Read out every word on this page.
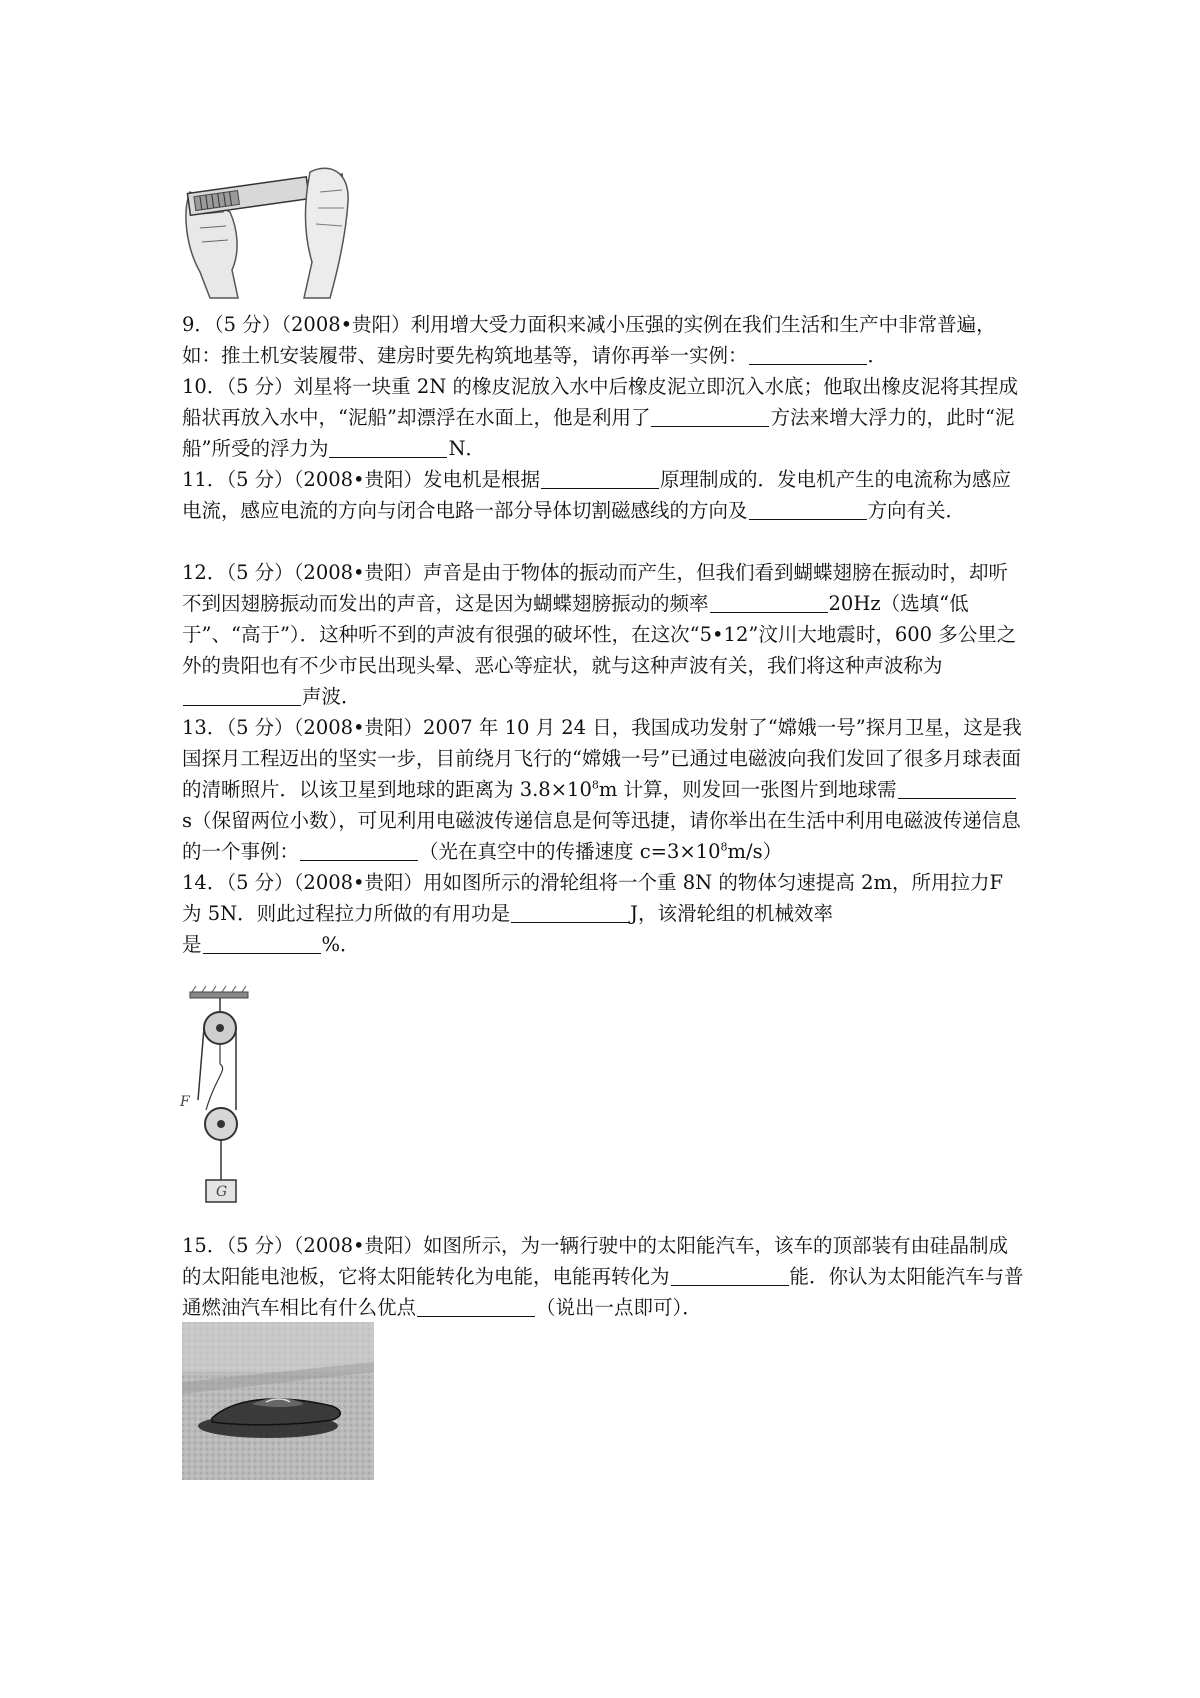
9．（5 分）（2008•贵阳）利用增大受力面积来减小压强的实例在我们生活和生产中非常普遍，如：推土机安装履带、建房时要先构筑地基等，请你再举一实例：	．
10．（5 分）刘星将一块重 2N 的橡皮泥放入水中后橡皮泥立即沉入水底；他取出橡皮泥将其捏成船状再放入水中，“泥船”却漂浮在水面上，他是利用了	方法来增大浮力的，此时“泥船”所受的浮力为	N．
11．（5 分）（2008•贵阳）发电机是根据	原理制成的．发电机产生的电流称为感应电流，感应电流的方向与闭合电路一部分导体切割磁感线的方向及	方向有关．
12．（5 分）（2008•贵阳）声音是由于物体的振动而产生，但我们看到蝴蝶翅膀在振动时，却听不到因翅膀振动而发出的声音，这是因为蝴蝶翅膀振动的频率	20Hz（选填“低于”、“高于”）．这种听不到的声波有很强的破坏性，在这次“5•12”汶川大地震时，600 多公里之外的贵阳也有不少市民出现头晕、恶心等症状，就与这种声波有关，我们将这种声波称为声波．
13．（5 分）（2008•贵阳）2007 年 10 月 24 日，我国成功发射了“嫦娥一号”探月卫星，这是我国探月工程迈出的坚实一步，目前绕月飞行的“嫦娥一号”已通过电磁波向我们发回了很多月球表面的清晰照片．以该卫星到地球的距离为 $3.8\times 10^8m$ 计算，则发回一张图片到地球需s（保留两位小数），可见利用电磁波传递信息是何等迅捷，请你举出在生活中利用电磁波传递信息的一个事例：	（光在真空中的传播速度 $c=3\times 10^8m/s$）
14．（5 分）（2008•贵阳）用如图所示的滑轮组将一个重 8N 的物体匀速提高 2m，所用拉力F 为 5N．则此过程拉力所做的有用功是	J，该滑轮组的机械效率
是	%．
F
G
15．（5 分）（2008•贵阳）如图所示，为一辆行驶中的太阳能汽车，该车的顶部装有由硅晶制成的太阳能电池板，它将太阳能转化为电能，电能再转化为	能．你认为太阳能汽车与普通燃油汽车相比有什么优点	（说出一点即可）．
